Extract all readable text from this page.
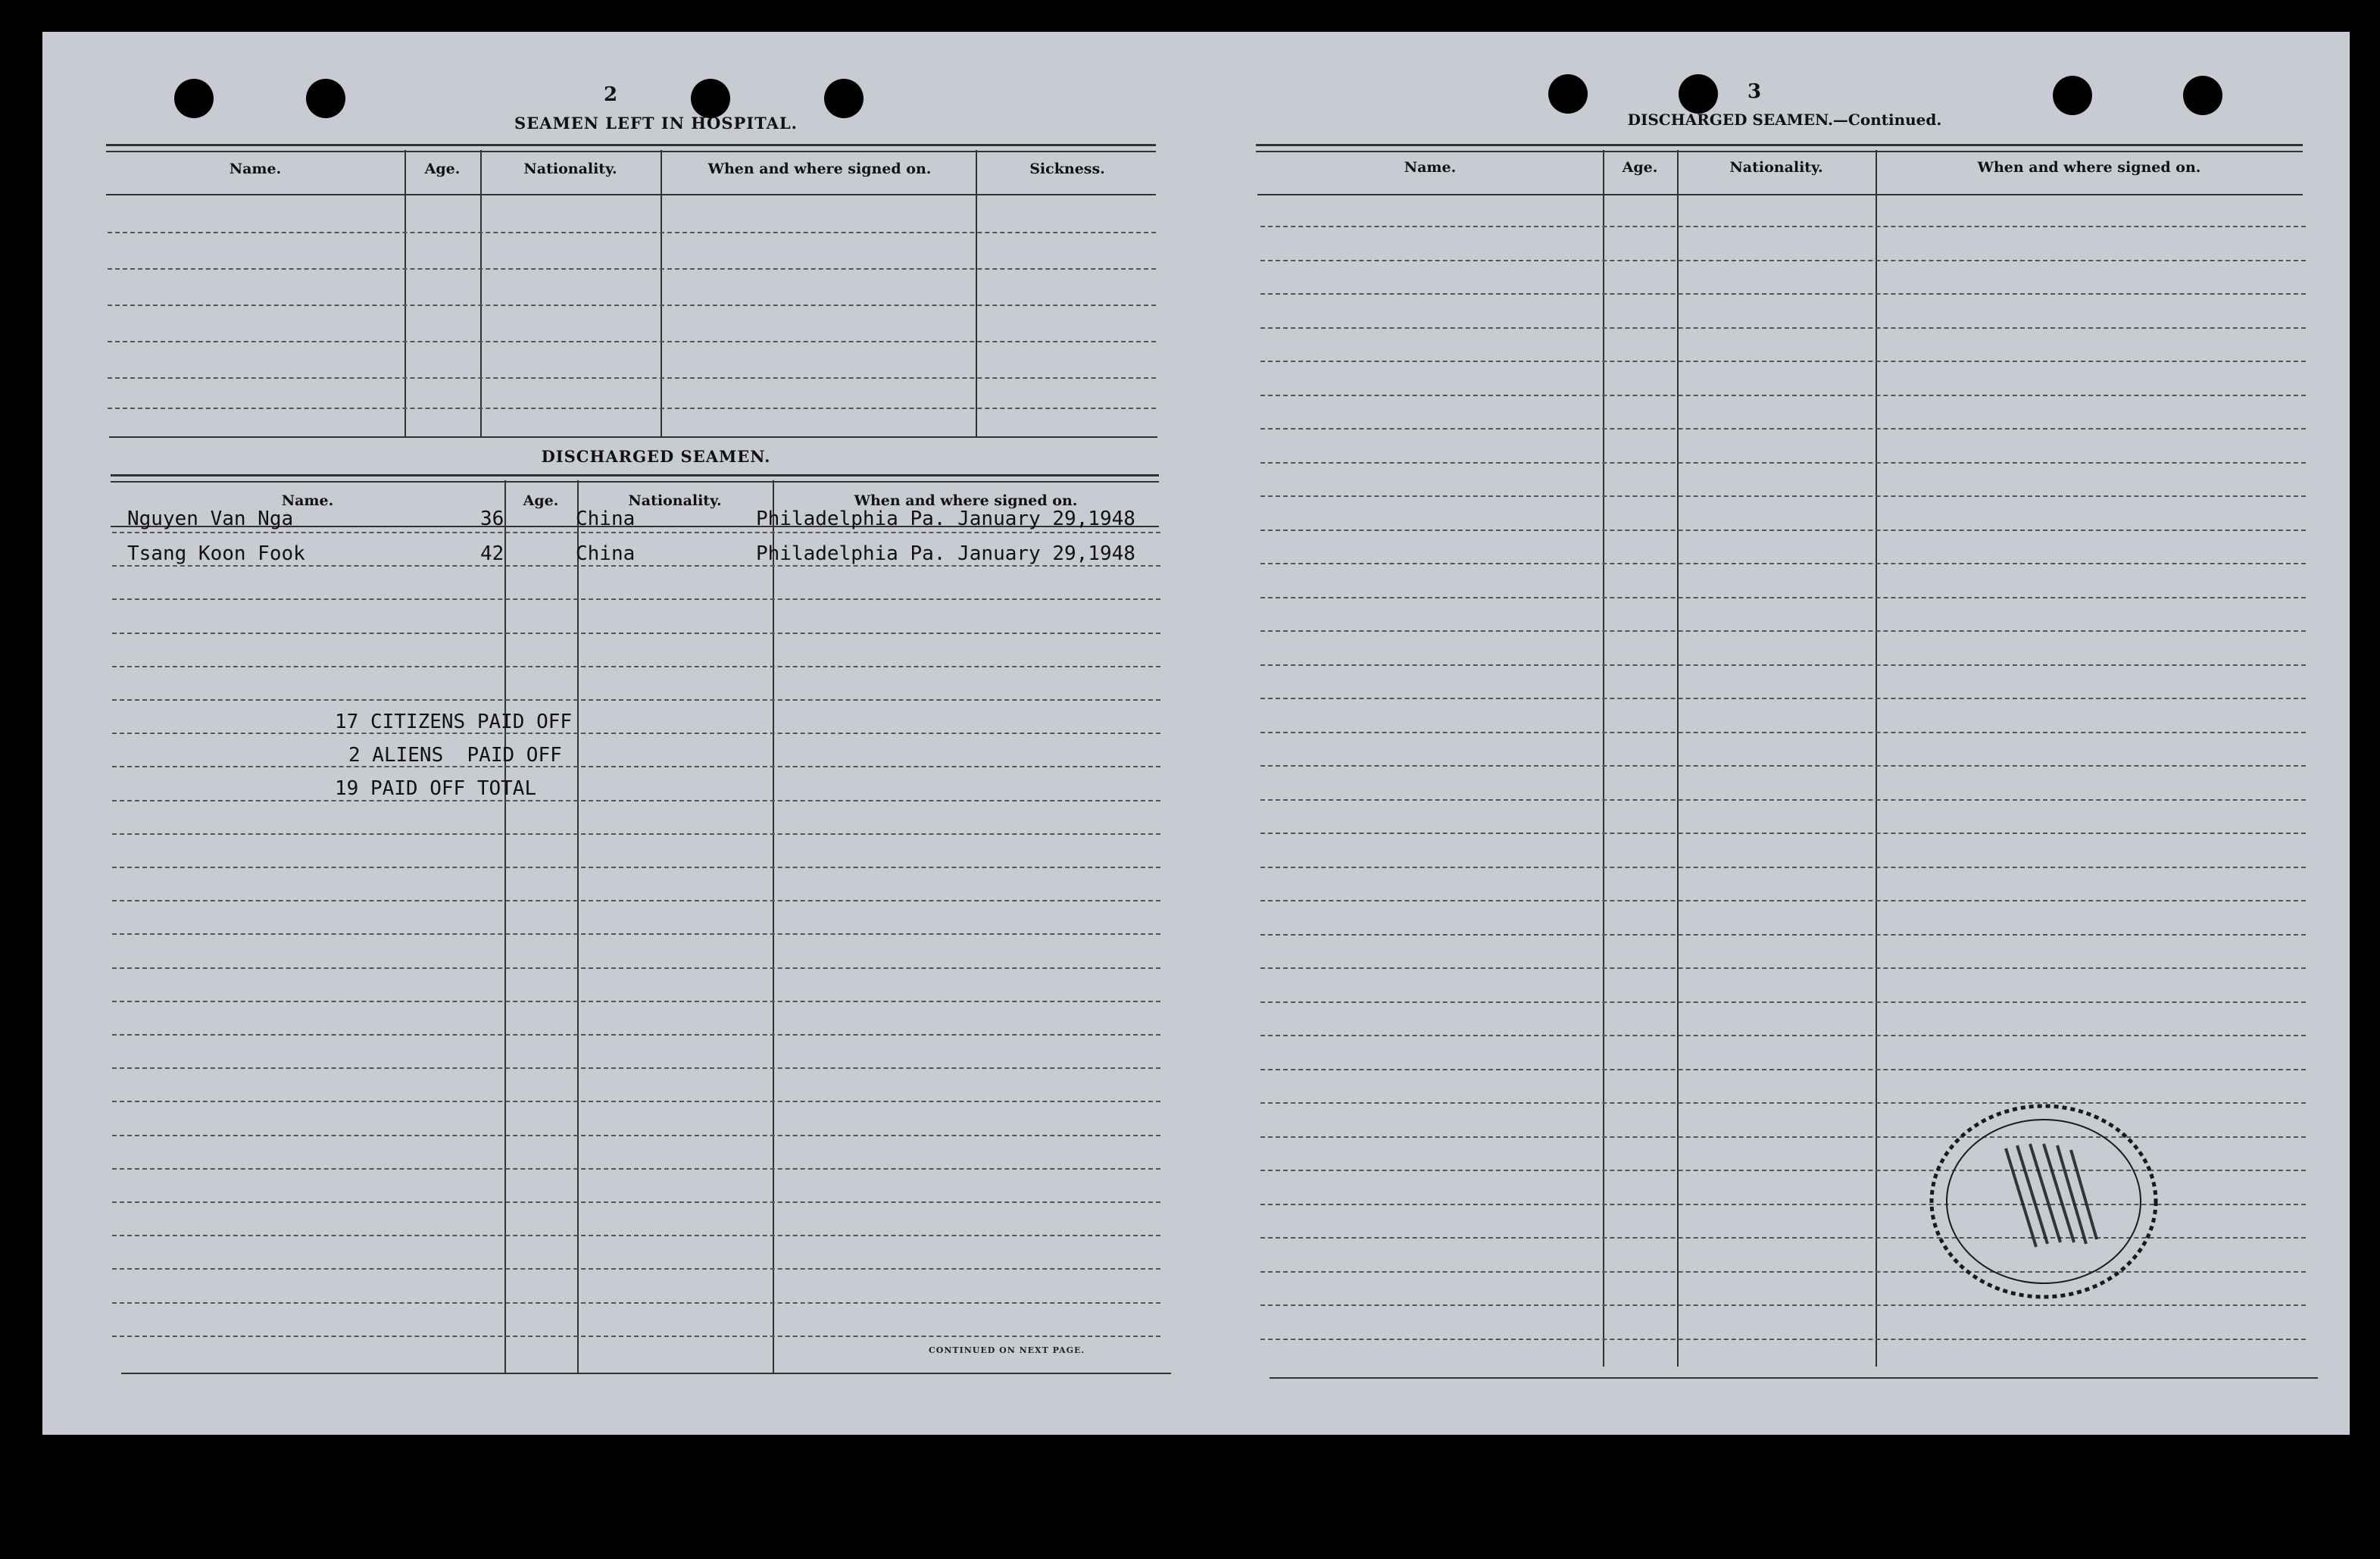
2
SEAMEN LEFT IN HOSPITAL.
Name.	Age.	Nationality.	When and where signed on.	Sickness.
DISCHARGED SEAMEN.
Name.	Age.	Nationality.	When and where signed on.
Nguyen Van Nga	36	China	Philadelphia Pa. January 29,1948
Tsang Koon Fook	42	China	Philadelphia Pa. January 29,1948
17 CITIZENS PAID OFF
2 ALIENS  PAID OFF
19 PAID OFF TOTAL
CONTINUED ON NEXT PAGE.
3
DISCHARGED SEAMEN.—Continued.
Name.	Age.	Nationality.	When and where signed on.
